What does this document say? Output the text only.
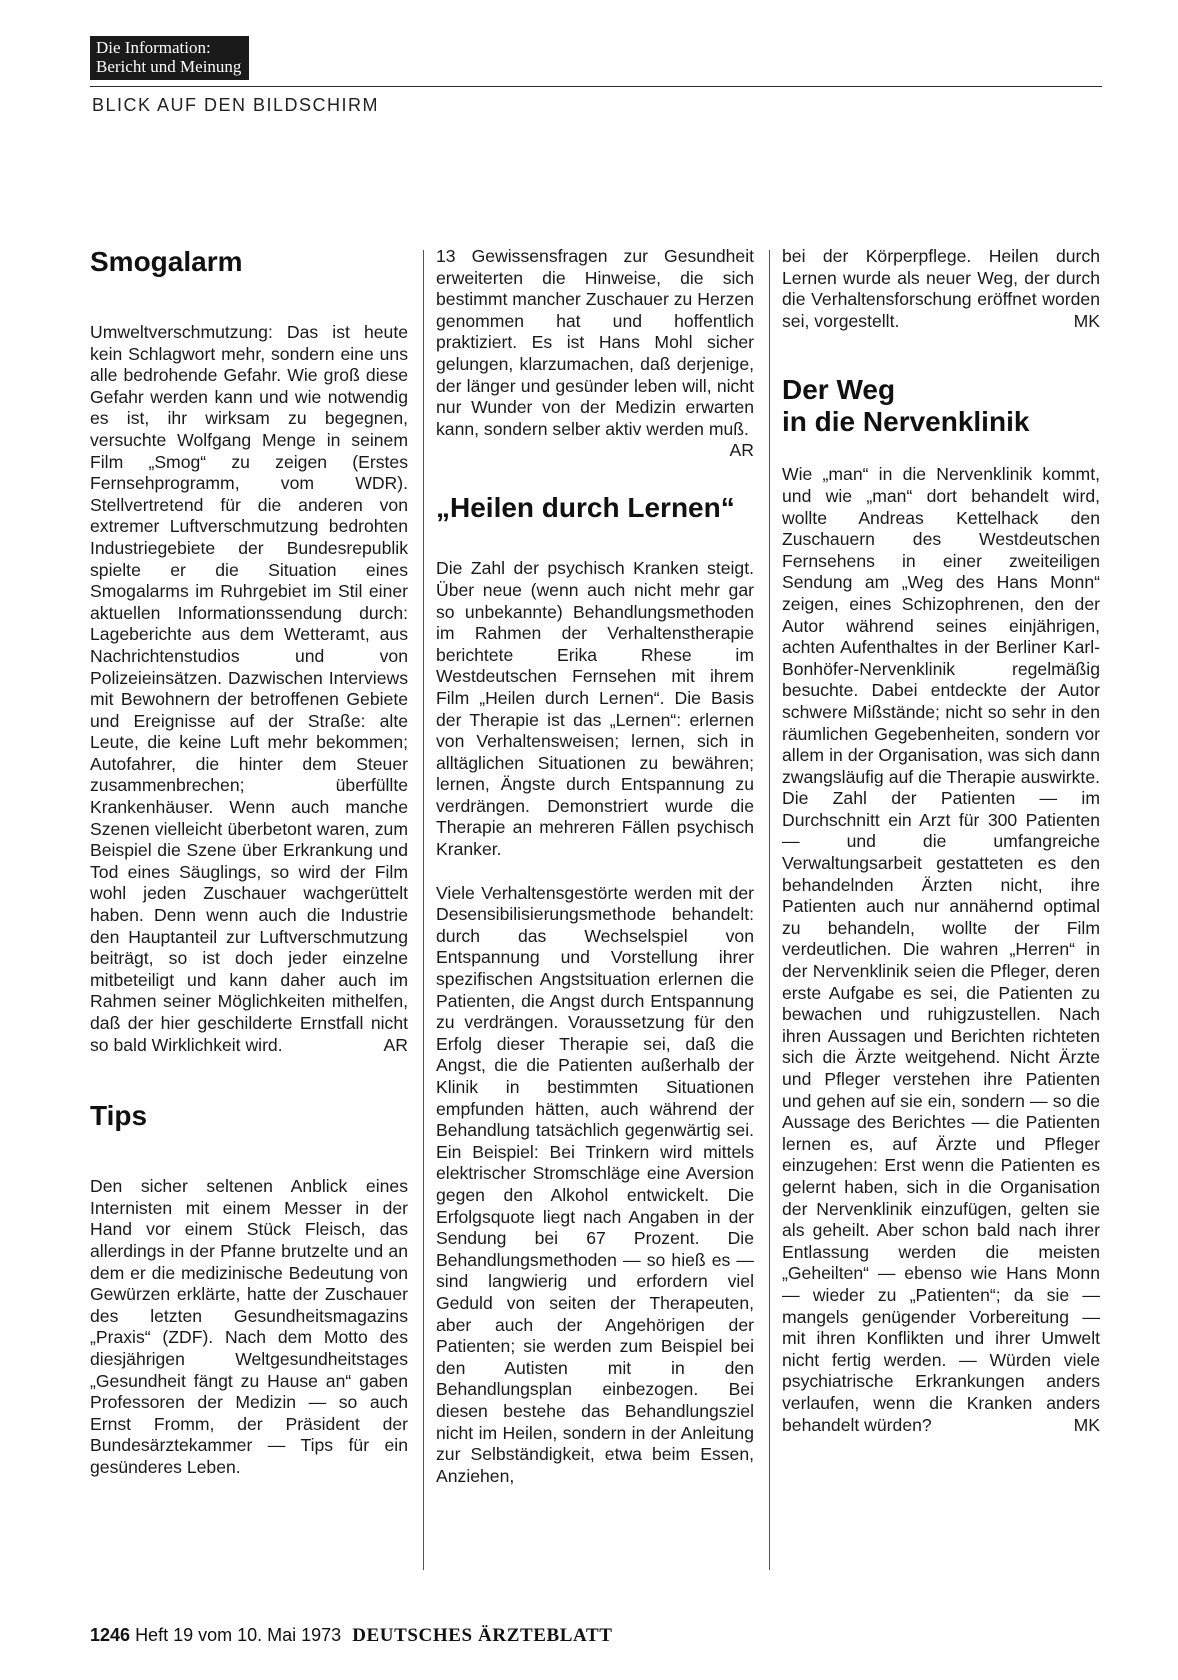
Die Information:
Bericht und Meinung
BLICK AUF DEN BILDSCHIRM
Smogalarm

Umweltverschmutzung: Das ist heute kein Schlagwort mehr, sondern eine uns alle bedrohende Gefahr. Wie groß diese Gefahr werden kann und wie notwendig es ist, ihr wirksam zu begegnen, versuchte Wolfgang Menge in seinem Film „Smog“ zu zeigen (Erstes Fernsehprogramm, vom WDR). Stellvertretend für die anderen von extremer Luftverschmutzung bedrohten Industriegebiete der Bundesrepublik spielte er die Situation eines Smogalarms im Ruhrgebiet im Stil einer aktuellen Informationssendung durch: Lageberichte aus dem Wetteramt, aus Nachrichtenstudios und von Polizeieinsätzen. Dazwischen Interviews mit Bewohnern der betroffenen Gebiete und Ereignisse auf der Straße: alte Leute, die keine Luft mehr bekommen; Autofahrer, die hinter dem Steuer zusammenbrechen; überfüllte Krankenhäuser. Wenn auch manche Szenen vielleicht überbetont waren, zum Beispiel die Szene über Erkrankung und Tod eines Säuglings, so wird der Film wohl jeden Zuschauer wachgerüttelt haben. Denn wenn auch die Industrie den Hauptanteil zur Luftverschmutzung beiträgt, so ist doch jeder einzelne mitbeteiligt und kann daher auch im Rahmen seiner Möglichkeiten mithelfen, daß der hier geschilderte Ernstfall nicht so bald Wirklichkeit wird.	AR

Tips

Den sicher seltenen Anblick eines Internisten mit einem Messer in der Hand vor einem Stück Fleisch, das allerdings in der Pfanne brutzelte und an dem er die medizinische Bedeutung von Gewürzen erklärte, hatte der Zuschauer des letzten Gesundheitsmagazins „Praxis“ (ZDF). Nach dem Motto des diesjährigen Weltgesundheitstages „Gesundheit fängt zu Hause an“ gaben Professoren der Medizin — so auch Ernst Fromm, der Präsident der Bundesärztekammer — Tips für ein gesünderes Leben.

13 Gewissensfragen zur Gesundheit erweiterten die Hinweise, die sich bestimmt mancher Zuschauer zu Herzen genommen hat und hoffentlich praktiziert. Es ist Hans Mohl sicher gelungen, klarzumachen, daß derjenige, der länger und gesünder leben will, nicht nur Wunder von der Medizin erwarten kann, sondern selber aktiv werden muß.
AR

„Heilen durch Lernen“

Die Zahl der psychisch Kranken steigt. Über neue (wenn auch nicht mehr gar so unbekannte) Behandlungsmethoden im Rahmen der Verhaltenstherapie berichtete Erika Rhese im Westdeutschen Fernsehen mit ihrem Film „Heilen durch Lernen“. Die Basis der Therapie ist das „Lernen“: erlernen von Verhaltensweisen; lernen, sich in alltäglichen Situationen zu bewähren; lernen, Ängste durch Entspannung zu verdrängen. Demonstriert wurde die Therapie an mehreren Fällen psychisch Kranker.

Viele Verhaltensgestörte werden mit der Desensibilisierungsmethode behandelt: durch das Wechselspiel von Entspannung und Vorstellung ihrer spezifischen Angstsituation erlernen die Patienten, die Angst durch Entspannung zu verdrängen. Voraussetzung für den Erfolg dieser Therapie sei, daß die Angst, die die Patienten außerhalb der Klinik in bestimmten Situationen empfunden hätten, auch während der Behandlung tatsächlich gegenwärtig sei. Ein Beispiel: Bei Trinkern wird mittels elektrischer Stromschläge eine Aversion gegen den Alkohol entwickelt. Die Erfolgsquote liegt nach Angaben in der Sendung bei 67 Prozent. Die Behandlungsmethoden — so hieß es — sind langwierig und erfordern viel Geduld von seiten der Therapeuten, aber auch der Angehörigen der Patienten; sie werden zum Beispiel bei den Autisten mit in den Behandlungsplan einbezogen. Bei diesen bestehe das Behandlungsziel nicht im Heilen, sondern in der Anleitung zur Selbständigkeit, etwa beim Essen, Anziehen,

bei der Körperpflege. Heilen durch Lernen wurde als neuer Weg, der durch die Verhaltensforschung eröffnet worden sei, vorgestellt.	MK

Der Weg
in die Nervenklinik

Wie „man“ in die Nervenklinik kommt, und wie „man“ dort behandelt wird, wollte Andreas Kettelhack den Zuschauern des Westdeutschen Fernsehens in einer zweiteiligen Sendung am „Weg des Hans Monn“ zeigen, eines Schizophrenen, den der Autor während seines einjährigen, achten Aufenthaltes in der Berliner Karl-Bonhöfer-Nervenklinik regelmäßig besuchte. Dabei entdeckte der Autor schwere Mißstände; nicht so sehr in den räumlichen Gegebenheiten, sondern vor allem in der Organisation, was sich dann zwangsläufig auf die Therapie auswirkte. Die Zahl der Patienten — im Durchschnitt ein Arzt für 300 Patienten — und die umfangreiche Verwaltungsarbeit gestatteten es den behandelnden Ärzten nicht, ihre Patienten auch nur annähernd optimal zu behandeln, wollte der Film verdeutlichen. Die wahren „Herren“ in der Nervenklinik seien die Pfleger, deren erste Aufgabe es sei, die Patienten zu bewachen und ruhigzustellen. Nach ihren Aussagen und Berichten richteten sich die Ärzte weitgehend. Nicht Ärzte und Pfleger verstehen ihre Patienten und gehen auf sie ein, sondern — so die Aussage des Berichtes — die Patienten lernen es, auf Ärzte und Pfleger einzugehen: Erst wenn die Patienten es gelernt haben, sich in die Organisation der Nervenklinik einzufügen, gelten sie als geheilt. Aber schon bald nach ihrer Entlassung werden die meisten „Geheilten“ — ebenso wie Hans Monn — wieder zu „Patienten“; da sie — mangels genügender Vorbereitung — mit ihren Konflikten und ihrer Umwelt nicht fertig werden. — Würden viele psychiatrische Erkrankungen anders verlaufen, wenn die Kranken anders behandelt würden?	MK

1246 Heft 19 vom 10. Mai 1973 DEUTSCHES ÄRZTEBLATT
